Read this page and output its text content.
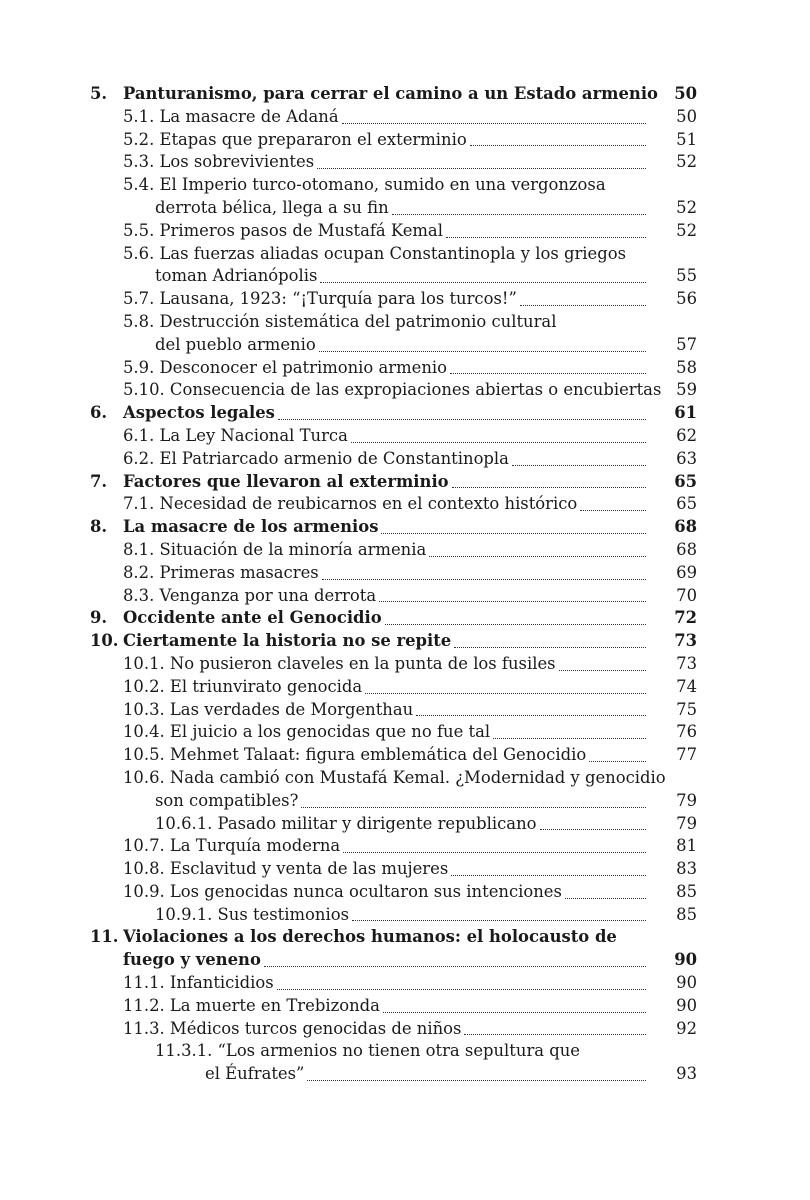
5. Panturanismo, para cerrar el camino a un Estado armenio 50
5.1. La masacre de Adaná	50
5.2. Etapas que prepararon el exterminio	51
5.3. Los sobrevivientes	52
5.4. El Imperio turco-otomano, sumido en una vergonzosa
derrota bélica, llega a su fin	52
5.5. Primeros pasos de Mustafá Kemal	52
5.6. Las fuerzas aliadas ocupan Constantinopla y los griegos
toman Adrianópolis	55
5.7. Lausana, 1923: “¡Turquía para los turcos!”	56
5.8. Destrucción sistemática del patrimonio cultural
del pueblo armenio	57
5.9. Desconocer el patrimonio armenio	58
5.10. Consecuencia de las expropiaciones abiertas o encubiertas 59
6. Aspectos legales	61
6.1. La Ley Nacional Turca	62
6.2. El Patriarcado armenio de Constantinopla	63
7. Factores que llevaron al exterminio	65
7.1. Necesidad de reubicarnos en el contexto histórico	65
8. La masacre de los armenios	68
8.1. Situación de la minoría armenia	68
8.2. Primeras masacres	69
8.3. Venganza por una derrota	70
9. Occidente ante el Genocidio	72
10. Ciertamente la historia no se repite	73
10.1. No pusieron claveles en la punta de los fusiles	73
10.2. El triunvirato genocida	74
10.3. Las verdades de Morgenthau	75
10.4. El juicio a los genocidas que no fue tal	76
10.5. Mehmet Talaat: figura emblemática del Genocidio	77
10.6. Nada cambió con Mustafá Kemal. ¿Modernidad y genocidio
son compatibles?	79
10.6.1. Pasado militar y dirigente republicano	79
10.7. La Turquía moderna	81
10.8. Esclavitud y venta de las mujeres	83
10.9. Los genocidas nunca ocultaron sus intenciones	85
10.9.1. Sus testimonios	85
11. Violaciones a los derechos humanos: el holocausto de
fuego y veneno	90
11.1. Infanticidios	90
11.2. La muerte en Trebizonda	90
11.3. Médicos turcos genocidas de niños	92
11.3.1. “Los armenios no tienen otra sepultura que
el Éufrates”	93
